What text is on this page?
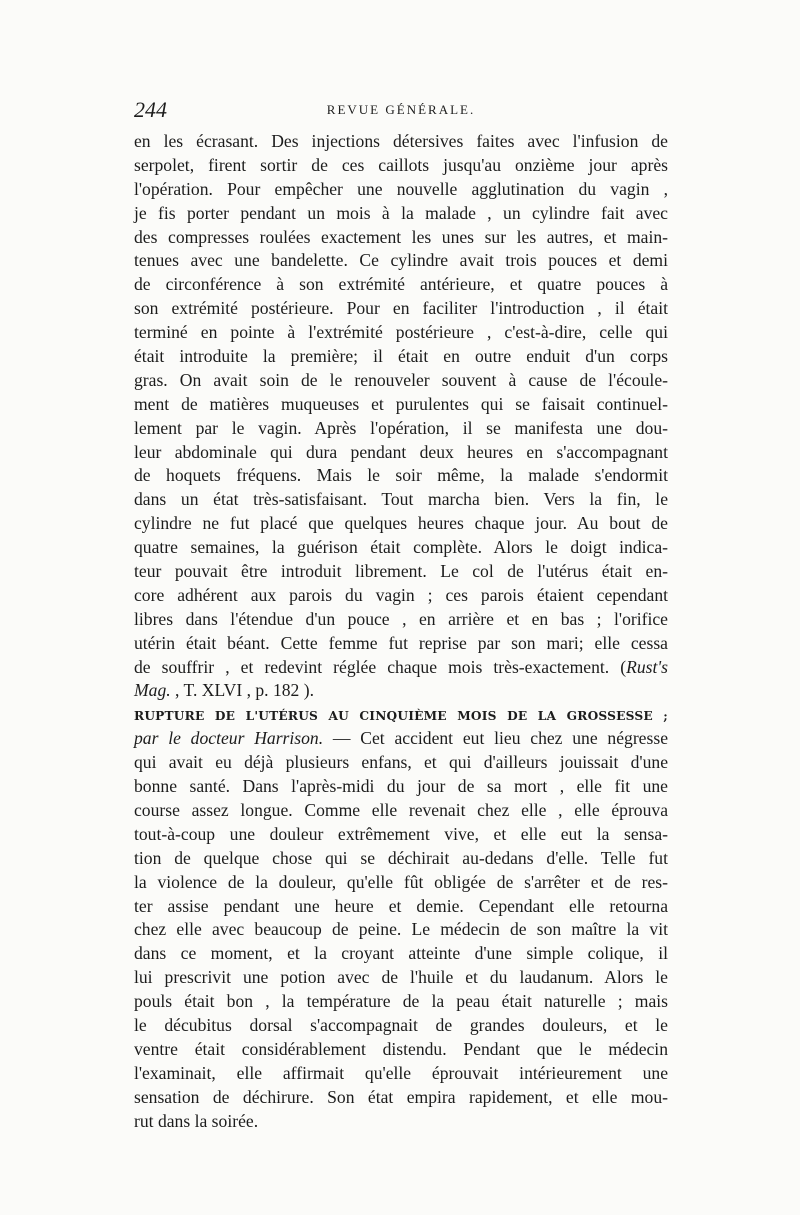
244	REVUE GÉNÉRALE.
en les écrasant. Des injections détersives faites avec l'infusion de
serpolet, firent sortir de ces caillots jusqu'au onzième jour après
l'opération. Pour empêcher une nouvelle agglutination du vagin ,
je fis porter pendant un mois à la malade , un cylindre fait avec
des compresses roulées exactement les unes sur les autres, et main-
tenues avec une bandelette. Ce cylindre avait trois pouces et demi
de circonférence à son extrémité antérieure, et quatre pouces à
son extrémité postérieure. Pour en faciliter l'introduction , il était
terminé en pointe à l'extrémité postérieure , c'est-à-dire, celle qui
était introduite la première; il était en outre enduit d'un corps
gras. On avait soin de le renouveler souvent à cause de l'écoule-
ment de matières muqueuses et purulentes qui se faisait continuel-
lement par le vagin. Après l'opération, il se manifesta une dou-
leur abdominale qui dura pendant deux heures en s'accompagnant
de hoquets fréquens. Mais le soir même, la malade s'endormit
dans un état très-satisfaisant. Tout marcha bien. Vers la fin, le
cylindre ne fut placé que quelques heures chaque jour. Au bout de
quatre semaines, la guérison était complète. Alors le doigt indica-
teur pouvait être introduit librement. Le col de l'utérus était en-
core adhérent aux parois du vagin ; ces parois étaient cependant
libres dans l'étendue d'un pouce , en arrière et en bas ; l'orifice
utérin était béant. Cette femme fut reprise par son mari; elle cessa
de souffrir , et redevint réglée chaque mois très-exactement. (Rust's
Mag. , T. XLVI , p. 182 ).
RUPTURE DE L'UTÉRUS AU CINQUIÈME MOIS DE LA GROSSESSE ;
par le docteur Harrison. — Cet accident eut lieu chez une négresse
qui avait eu déjà plusieurs enfans, et qui d'ailleurs jouissait d'une
bonne santé. Dans l'après-midi du jour de sa mort , elle fit une
course assez longue. Comme elle revenait chez elle , elle éprouva
tout-à-coup une douleur extrêmement vive, et elle eut la sensa-
tion de quelque chose qui se déchirait au-dedans d'elle. Telle fut
la violence de la douleur, qu'elle fût obligée de s'arrêter et de res-
ter assise pendant une heure et demie. Cependant elle retourna
chez elle avec beaucoup de peine. Le médecin de son maître la vit
dans ce moment, et la croyant atteinte d'une simple colique, il
lui prescrivit une potion avec de l'huile et du laudanum. Alors le
pouls était bon , la température de la peau était naturelle ; mais
le décubitus dorsal s'accompagnait de grandes douleurs, et le
ventre était considérablement distendu. Pendant que le médecin
l'examinait, elle affirmait qu'elle éprouvait intérieurement une
sensation de déchirure. Son état empira rapidement, et elle mou-
rut dans la soirée.
